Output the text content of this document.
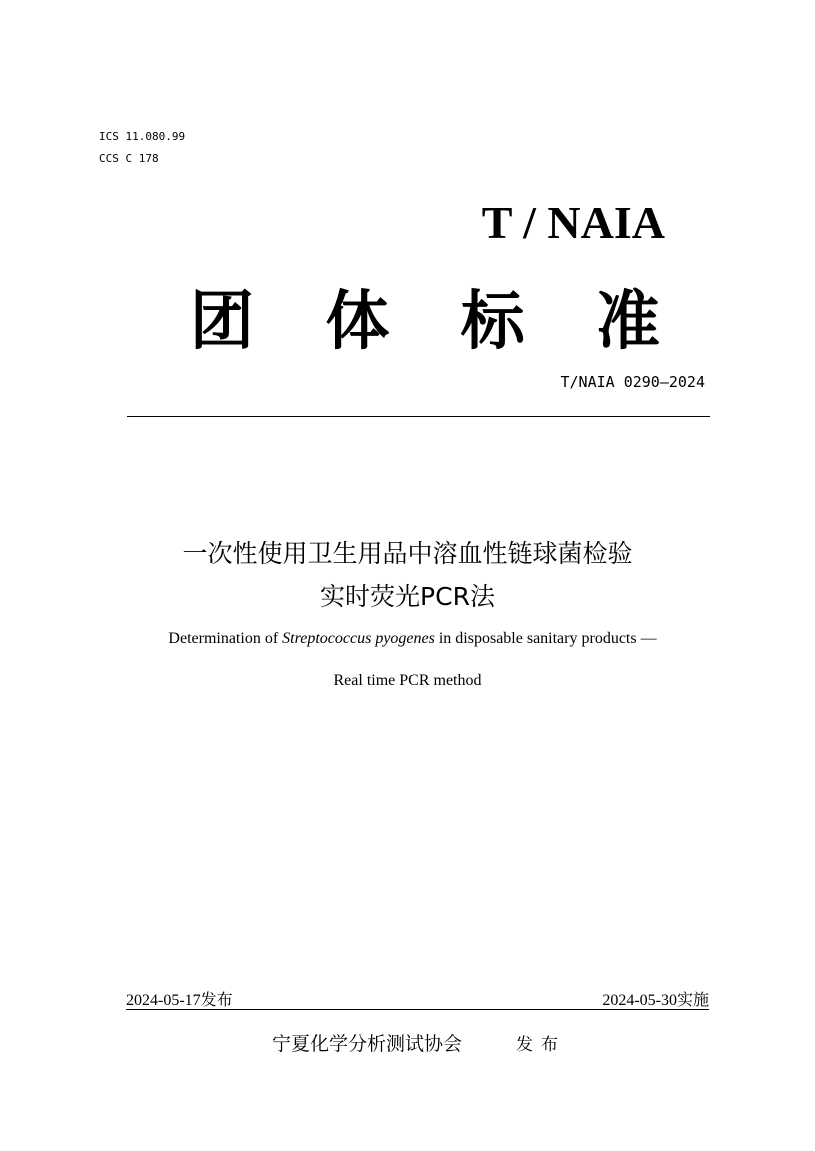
ICS 11.080.99
CCS C 178
T / NAIA
团 体 标 准
T/NAIA 0290—2024
一次性使用卫生用品中溶血性链球菌检验
实时荧光PCR法
Determination of Streptococcus pyogenes in disposable sanitary products —
Real time PCR method
2024-05-17发布	2024-05-30实施
宁夏化学分析测试协会	发布
